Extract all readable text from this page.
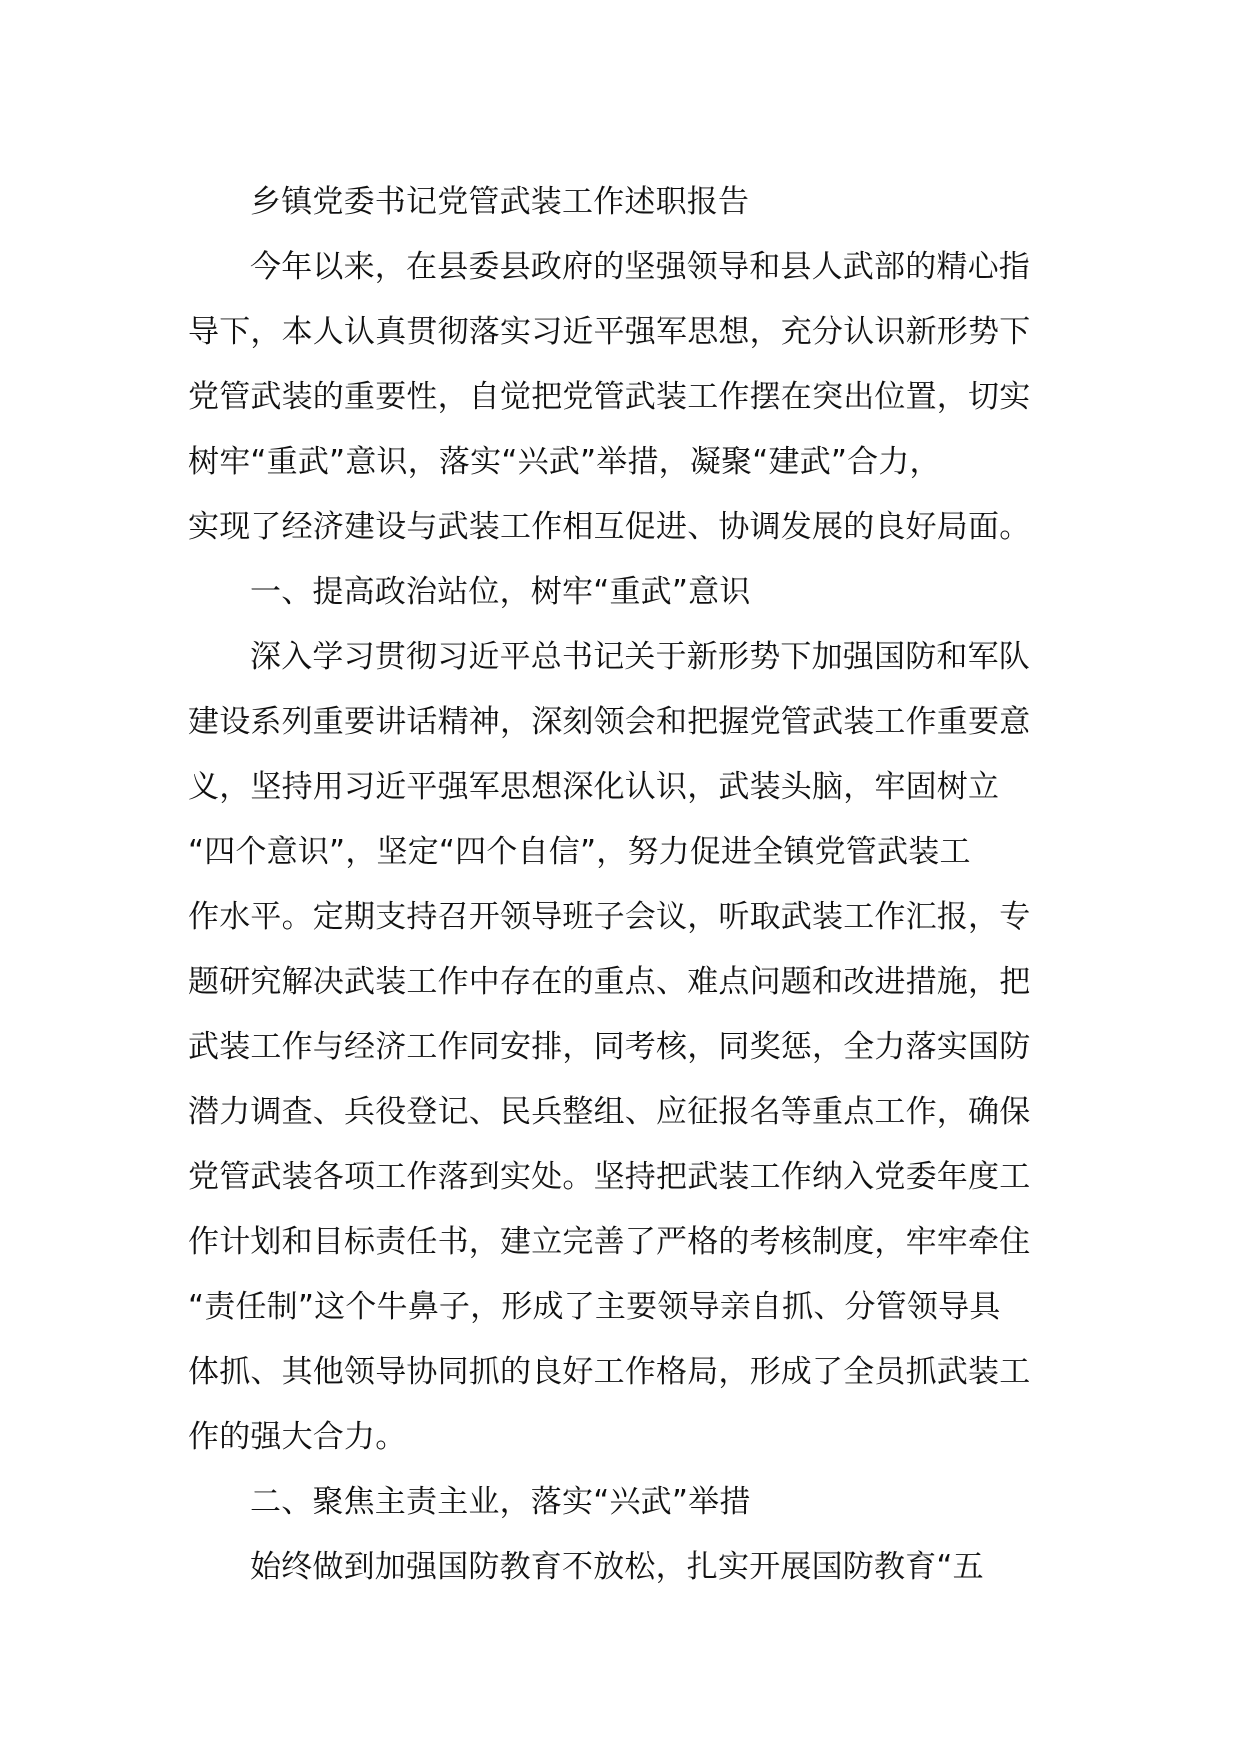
乡镇党委书记党管武装工作述职报告
今年以来，在县委县政府的坚强领导和县人武部的精心指
导下，本人认真贯彻落实习近平强军思想，充分认识新形势下
党管武装的重要性，自觉把党管武装工作摆在突出位置，切实
树牢“重武”意识，落实“兴武”举措，凝聚“建武”合力，
实现了经济建设与武装工作相互促进、协调发展的良好局面。
一、提高政治站位，树牢“重武”意识
深入学习贯彻习近平总书记关于新形势下加强国防和军队
建设系列重要讲话精神，深刻领会和把握党管武装工作重要意
义，坚持用习近平强军思想深化认识，武装头脑，牢固树立
“四个意识”，坚定“四个自信”，努力促进全镇党管武装工
作水平。定期支持召开领导班子会议，听取武装工作汇报，专
题研究解决武装工作中存在的重点、难点问题和改进措施，把
武装工作与经济工作同安排，同考核，同奖惩，全力落实国防
潜力调查、兵役登记、民兵整组、应征报名等重点工作，确保
党管武装各项工作落到实处。坚持把武装工作纳入党委年度工
作计划和目标责任书，建立完善了严格的考核制度，牢牢牵住
“责任制”这个牛鼻子，形成了主要领导亲自抓、分管领导具
体抓、其他领导协同抓的良好工作格局，形成了全员抓武装工
作的强大合力。
二、聚焦主责主业，落实“兴武”举措
始终做到加强国防教育不放松，扎实开展国防教育“五
